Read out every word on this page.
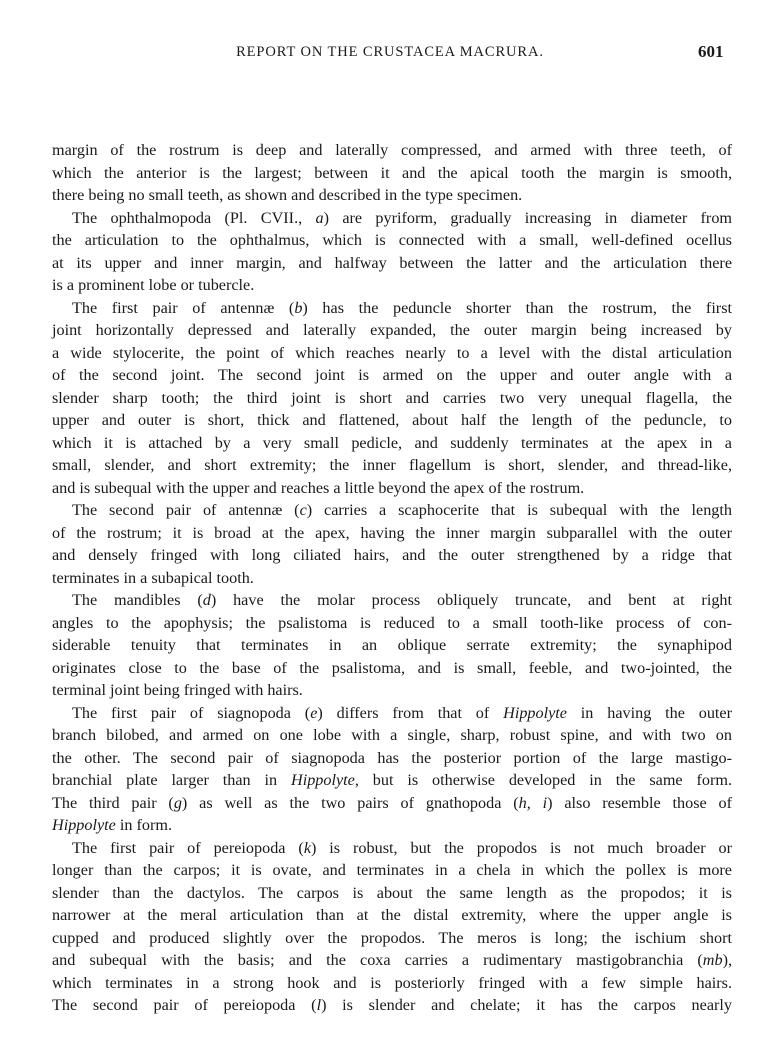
REPORT ON THE CRUSTACEA MACRURA.	601
margin of the rostrum is deep and laterally compressed, and armed with three teeth, of
which the anterior is the largest; between it and the apical tooth the margin is smooth,
there being no small teeth, as shown and described in the type specimen.
The ophthalmopoda (Pl. CVII., a) are pyriform, gradually increasing in diameter from
the articulation to the ophthalmus, which is connected with a small, well-defined ocellus
at its upper and inner margin, and halfway between the latter and the articulation there
is a prominent lobe or tubercle.
The first pair of antennæ (b) has the peduncle shorter than the rostrum, the first
joint horizontally depressed and laterally expanded, the outer margin being increased by
a wide stylocerite, the point of which reaches nearly to a level with the distal articulation
of the second joint. The second joint is armed on the upper and outer angle with a
slender sharp tooth; the third joint is short and carries two very unequal flagella, the
upper and outer is short, thick and flattened, about half the length of the peduncle, to
which it is attached by a very small pedicle, and suddenly terminates at the apex in a
small, slender, and short extremity; the inner flagellum is short, slender, and thread-like,
and is subequal with the upper and reaches a little beyond the apex of the rostrum.
The second pair of antennæ (c) carries a scaphocerite that is subequal with the length
of the rostrum; it is broad at the apex, having the inner margin subparallel with the outer
and densely fringed with long ciliated hairs, and the outer strengthened by a ridge that
terminates in a subapical tooth.
The mandibles (d) have the molar process obliquely truncate, and bent at right
angles to the apophysis; the psalistoma is reduced to a small tooth-like process of con-
siderable tenuity that terminates in an oblique serrate extremity; the synaphipod
originates close to the base of the psalistoma, and is small, feeble, and two-jointed, the
terminal joint being fringed with hairs.
The first pair of siagnopoda (e) differs from that of Hippolyte in having the outer
branch bilobed, and armed on one lobe with a single, sharp, robust spine, and with two on
the other. The second pair of siagnopoda has the posterior portion of the large mastigo-
branchial plate larger than in Hippolyte, but is otherwise developed in the same form.
The third pair (g) as well as the two pairs of gnathopoda (h, i) also resemble those of
Hippolyte in form.
The first pair of pereiopoda (k) is robust, but the propodos is not much broader or
longer than the carpos; it is ovate, and terminates in a chela in which the pollex is more
slender than the dactylos. The carpos is about the same length as the propodos; it is
narrower at the meral articulation than at the distal extremity, where the upper angle is
cupped and produced slightly over the propodos. The meros is long; the ischium short
and subequal with the basis; and the coxa carries a rudimentary mastigobranchia (mb),
which terminates in a strong hook and is posteriorly fringed with a few simple hairs.
The second pair of pereiopoda (l) is slender and chelate; it has the carpos nearly
